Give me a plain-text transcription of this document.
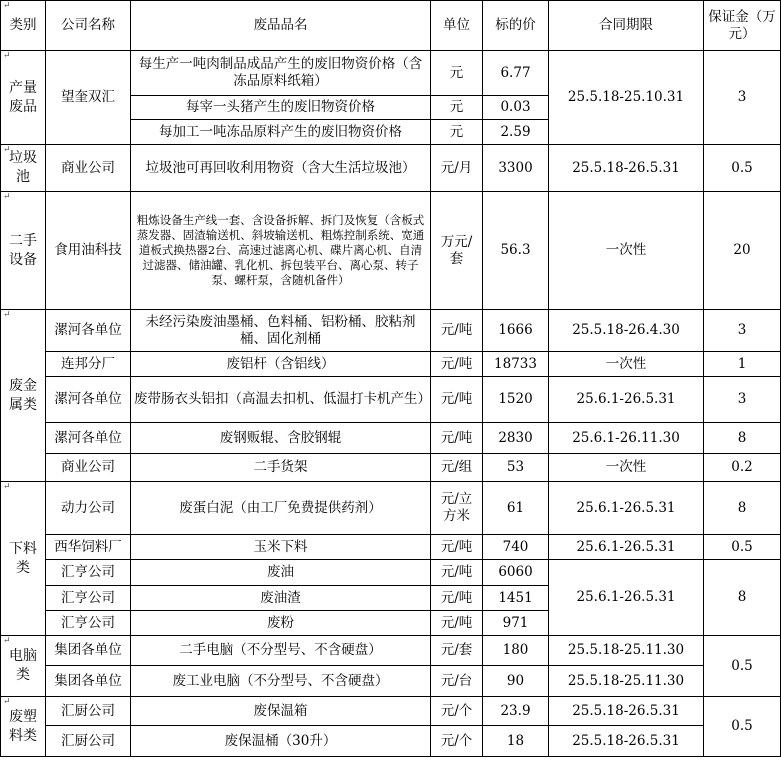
↵
类别	公司名称	废品品名	单位	标的价	合同期限	保证金（万元）

↵
产量废品	望奎双汇	每生产一吨肉制品成品产生的废旧物资价格（含冻品原料纸箱）	元	6.77	25.5.18-25.10.31	3
		每宰一头猪产生的废旧物资价格	元	0.03		
		每加工一吨冻品原料产生的废旧物资价格	元	2.59		

↵
垃圾池	商业公司	垃圾池可再回收利用物资（含大生活垃圾池）	元/月	3300	25.5.18-26.5.31	0.5

↵
二手设备	食用油科技	粗炼设备生产线一套、含设备拆解、拆门及恢复（含板式蒸发器、固渣输送机、斜坡输送机、粗炼控制系统、宽通道板式换热器2台、高速过滤离心机、碟片离心机、自清过滤器、储油罐、乳化机、拆包装平台、离心泵、转子泵、螺杆泵，含随机备件）	万元/套	56.3	一次性	20

↵
废金属类	漯河各单位	未经污染废油墨桶、色料桶、铝粉桶、胶粘剂桶、固化剂桶	元/吨	1666	25.5.18-26.4.30	3
	连邦分厂	废铝杆（含铝线）	元/吨	18733	一次性	1
	漯河各单位	废带肠衣头铝扣（高温去扣机、低温打卡机产生）	元/吨	1520	25.6.1-26.5.31	3
	漯河各单位	废钢贩辊、含胶钢辊	元/吨	2830	25.6.1-26.11.30	8
	商业公司	二手货架	元/组	53	一次性	0.2

↵
下料类	动力公司	废蛋白泥（由工厂免费提供药剂）	元/立方米	61	25.6.1-26.5.31	8
	西华饲料厂	玉米下料	元/吨	740	25.6.1-26.5.31	0.5
	汇亨公司	废油	元/吨	6060	25.6.1-26.5.31	8
	汇亨公司	废油渣	元/吨	1451		
	汇亨公司	废粉	元/吨	971		

↵
电脑类	集团各单位	二手电脑（不分型号、不含硬盘）	元/套	180	25.5.18-25.11.30	0.5
	集团各单位	废工业电脑（不分型号、不含硬盘）	元/台	90	25.5.18-25.11.30	

↵
废塑料类	汇厨公司	废保温箱	元/个	23.9	25.5.18-26.5.31	0.5
	汇厨公司	废保温桶（30升）	元/个	18	25.5.18-26.5.31	
